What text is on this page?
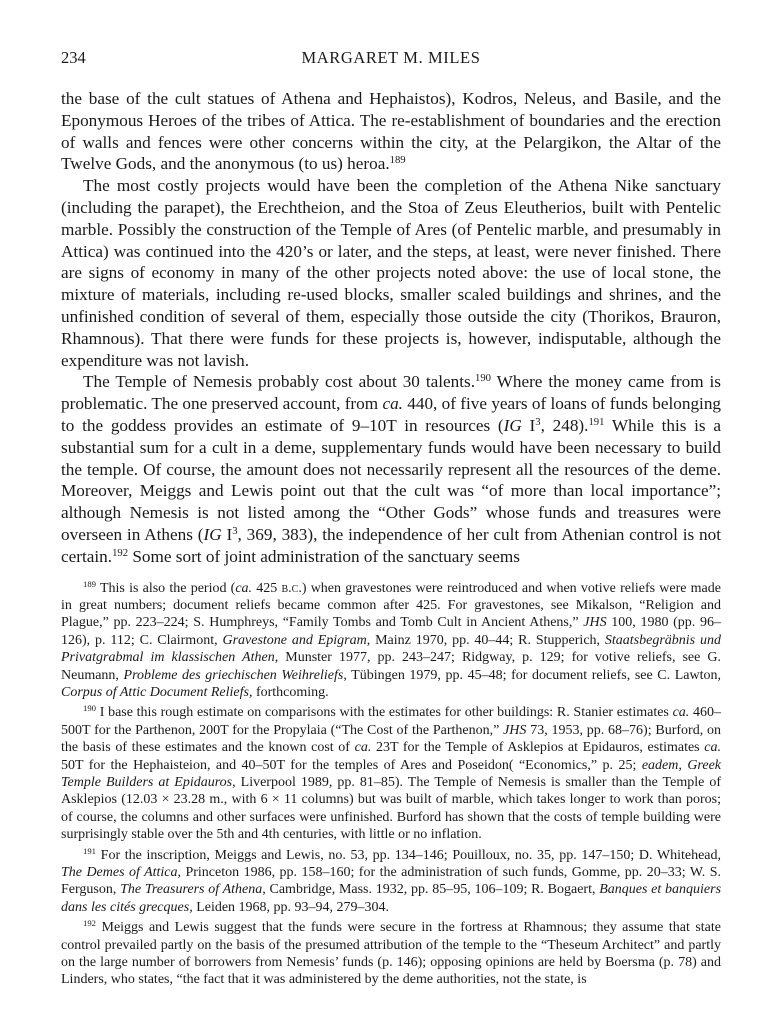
234	MARGARET M. MILES

the base of the cult statues of Athena and Hephaistos), Kodros, Neleus, and Basile, and the Eponymous Heroes of the tribes of Attica. The re-establishment of boundaries and the erection of walls and fences were other concerns within the city, at the Pelargikon, the Altar of the Twelve Gods, and the anonymous (to us) heroa.$^{189}$

The most costly projects would have been the completion of the Athena Nike sanctuary (including the parapet), the Erechtheion, and the Stoa of Zeus Eleutherios, built with Pentelic marble. Possibly the construction of the Temple of Ares (of Pentelic marble, and presumably in Attica) was continued into the 420’s or later, and the steps, at least, were never finished. There are signs of economy in many of the other projects noted above: the use of local stone, the mixture of materials, including re-used blocks, smaller scaled buildings and shrines, and the unfinished condition of several of them, especially those outside the city (Thorikos, Brauron, Rhamnous). That there were funds for these projects is, however, indisputable, although the expenditure was not lavish.

The Temple of Nemesis probably cost about 30 talents.$^{190}$ Where the money came from is problematic. The one preserved account, from ca. 440, of five years of loans of funds belonging to the goddess provides an estimate of 9–10T in resources (IG $I^3$, 248).$^{191}$ While this is a substantial sum for a cult in a deme, supplementary funds would have been necessary to build the temple. Of course, the amount does not necessarily represent all the resources of the deme. Moreover, Meiggs and Lewis point out that the cult was “of more than local importance”; although Nemesis is not listed among the “Other Gods” whose funds and treasures were overseen in Athens (IG $I^3$, 369, 383), the independence of her cult from Athenian control is not certain.$^{192}$ Some sort of joint administration of the sanctuary seems

$^{189}$ This is also the period (ca. 425 b.c.) when gravestones were reintroduced and when votive reliefs were made in great numbers; document reliefs became common after 425. For gravestones, see Mikalson, “Religion and Plague,” pp. 223–224; S. Humphreys, “Family Tombs and Tomb Cult in Ancient Athens,” JHS 100, 1980 (pp. 96–126), p. 112; C. Clairmont, Gravestone and Epigram, Mainz 1970, pp. 40–44; R. Stupperich, Staatsbegräbnis und Privatgrabmal im klassischen Athen, Munster 1977, pp. 243–247; Ridgway, p. 129; for votive reliefs, see G. Neumann, Probleme des griechischen Weihreliefs, Tübingen 1979, pp. 45–48; for document reliefs, see C. Lawton, Corpus of Attic Document Reliefs, forthcoming.

$^{190}$ I base this rough estimate on comparisons with the estimates for other buildings: R. Stanier estimates ca. 460–500T for the Parthenon, 200T for the Propylaia (“The Cost of the Parthenon,” JHS 73, 1953, pp. 68–76); Burford, on the basis of these estimates and the known cost of ca. 23T for the Temple of Asklepios at Epidauros, estimates ca. 50T for the Hephaisteion, and 40–50T for the temples of Ares and Poseidon( “Economics,” p. 25; eadem, Greek Temple Builders at Epidauros, Liverpool 1989, pp. 81–85). The Temple of Nemesis is smaller than the Temple of Asklepios (12.03 × 23.28 m., with 6 × 11 columns) but was built of marble, which takes longer to work than poros; of course, the columns and other surfaces were unfinished. Burford has shown that the costs of temple building were surprisingly stable over the 5th and 4th centuries, with little or no inflation.

$^{191}$ For the inscription, Meiggs and Lewis, no. 53, pp. 134–146; Pouilloux, no. 35, pp. 147–150; D. Whitehead, The Demes of Attica, Princeton 1986, pp. 158–160; for the administration of such funds, Gomme, pp. 20–33; W. S. Ferguson, The Treasurers of Athena, Cambridge, Mass. 1932, pp. 85–95, 106–109; R. Bogaert, Banques et banquiers dans les cités grecques, Leiden 1968, pp. 93–94, 279–304.

$^{192}$ Meiggs and Lewis suggest that the funds were secure in the fortress at Rhamnous; they assume that state control prevailed partly on the basis of the presumed attribution of the temple to the “Theseum Architect” and partly on the large number of borrowers from Nemesis’ funds (p. 146); opposing opinions are held by Boersma (p. 78) and Linders, who states, “the fact that it was administered by the deme authorities, not the state, is
